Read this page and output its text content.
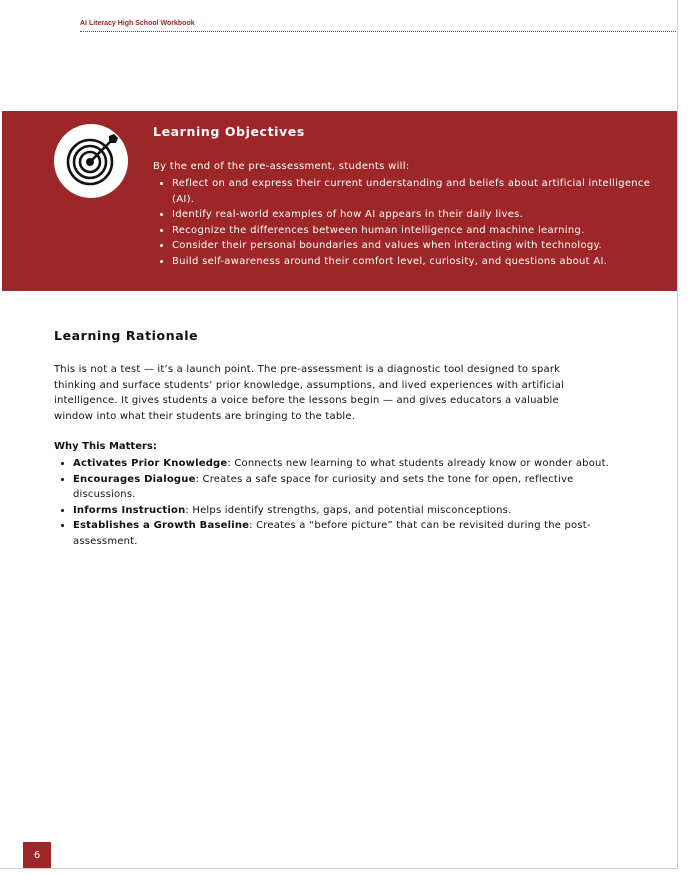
AI Literacy High School Workbook
Learning Objectives
By the end of the pre-assessment, students will:
• Reflect on and express their current understanding and beliefs about artificial intelligence (AI).
• Identify real-world examples of how AI appears in their daily lives.
• Recognize the differences between human intelligence and machine learning.
• Consider their personal boundaries and values when interacting with technology.
• Build self-awareness around their comfort level, curiosity, and questions about AI.
Learning Rationale

This is not a test — it’s a launch point. The pre-assessment is a diagnostic tool designed to spark thinking and surface students’ prior knowledge, assumptions, and lived experiences with artificial intelligence. It gives students a voice before the lessons begin — and gives educators a valuable window into what their students are bringing to the table.

Why This Matters:
• Activates Prior Knowledge: Connects new learning to what students already know or wonder about.
• Encourages Dialogue: Creates a safe space for curiosity and sets the tone for open, reflective discussions.
• Informs Instruction: Helps identify strengths, gaps, and potential misconceptions.
• Establishes a Growth Baseline: Creates a “before picture” that can be revisited during the post-assessment.
6
